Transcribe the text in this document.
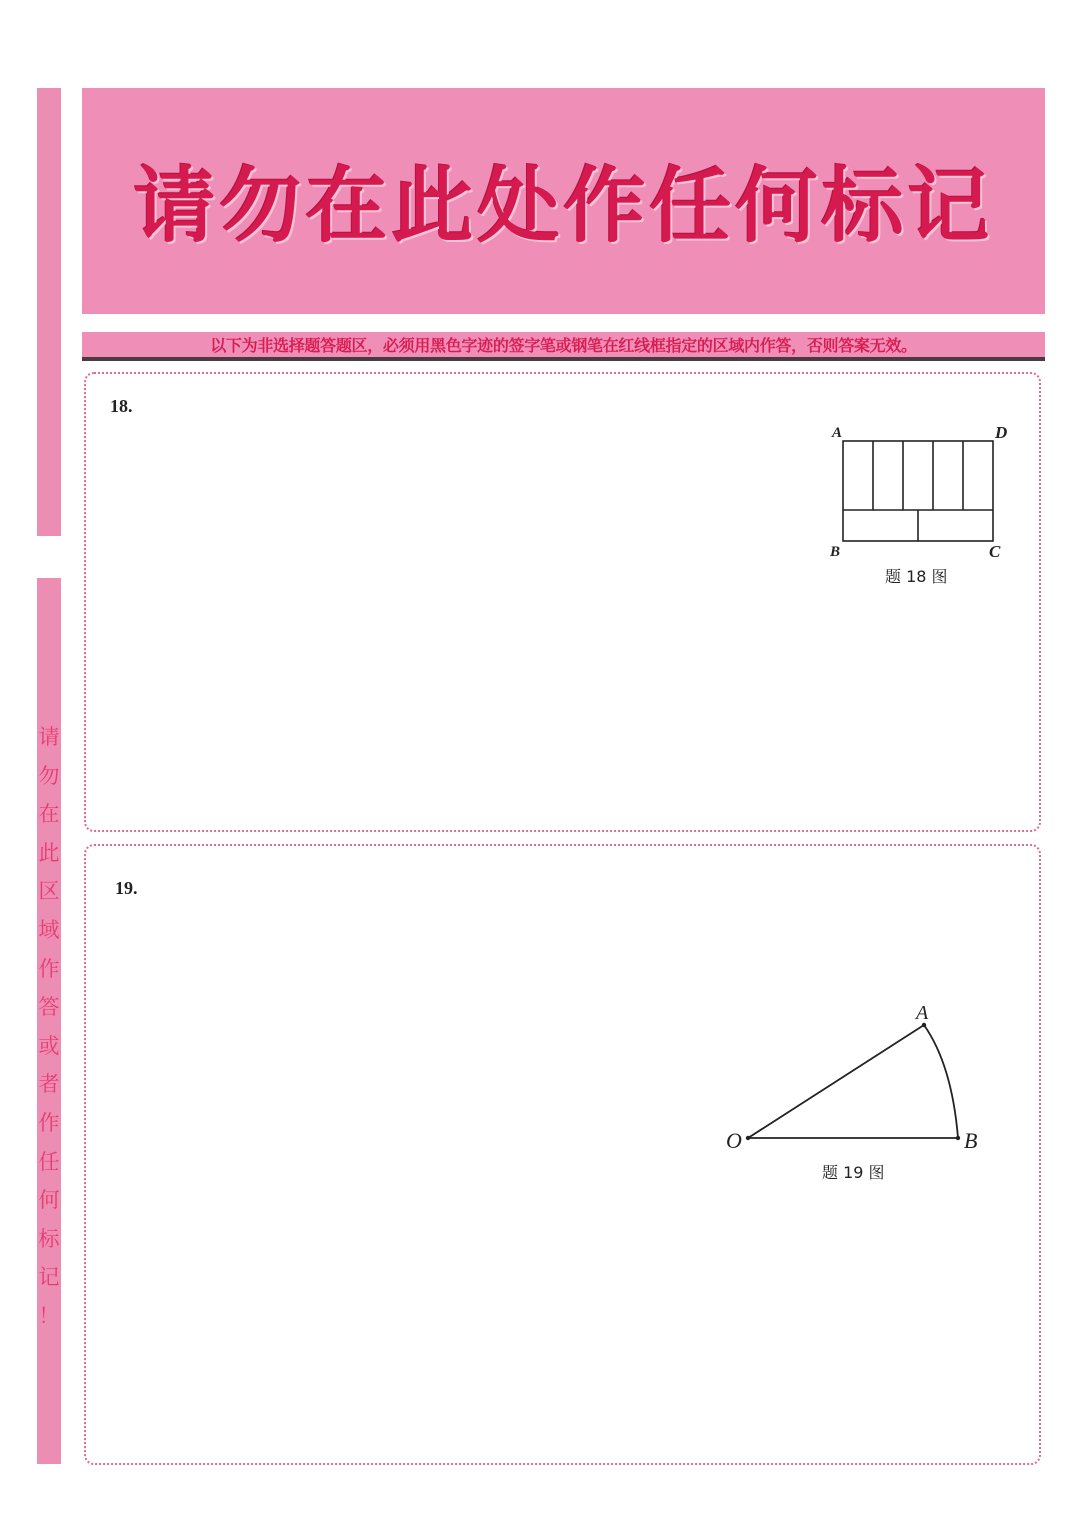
请
勿
在
此
区
域
作
答
或
者
作
任
何
标
记
！
请勿在此处作任何标记
以下为非选择题答题区，必须用黑色字迹的签字笔或钢笔在红线框指定的区域内作答，否则答案无效。
18.
A	D
B	C
题 18 图
19.
A
O	B
题 19 图
